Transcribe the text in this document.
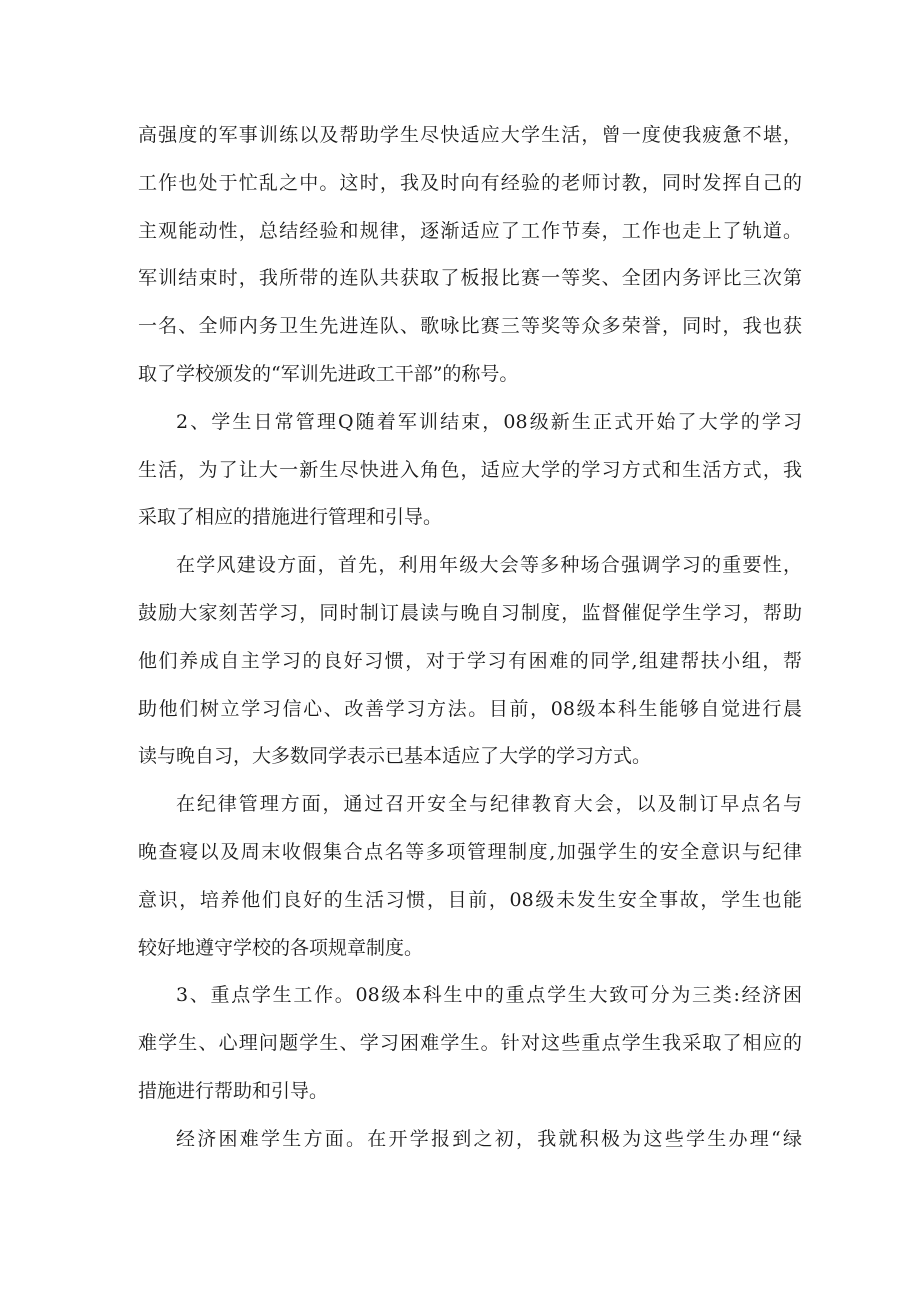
高强度的军事训练以及帮助学生尽快适应大学生活，曾一度使我疲惫不堪，
工作也处于忙乱之中。这时，我及时向有经验的老师讨教，同时发挥自己的
主观能动性，总结经验和规律，逐渐适应了工作节奏，工作也走上了轨道。
军训结束时，我所带的连队共获取了板报比赛一等奖、全团内务评比三次第
一名、全师内务卫生先进连队、歌咏比赛三等奖等众多荣誉，同时，我也获
取了学校颁发的“军训先进政工干部”的称号。
2、学生日常管理Q随着军训结束，08级新生正式开始了大学的学习
生活，为了让大一新生尽快进入角色，适应大学的学习方式和生活方式，我
采取了相应的措施进行管理和引导。
在学风建设方面，首先，利用年级大会等多种场合强调学习的重要性，
鼓励大家刻苦学习，同时制订晨读与晚自习制度，监督催促学生学习，帮助
他们养成自主学习的良好习惯，对于学习有困难的同学,组建帮扶小组，帮
助他们树立学习信心、改善学习方法。目前，08级本科生能够自觉进行晨
读与晚自习，大多数同学表示已基本适应了大学的学习方式。
在纪律管理方面，通过召开安全与纪律教育大会，以及制订早点名与
晚查寝以及周末收假集合点名等多项管理制度,加强学生的安全意识与纪律
意识，培养他们良好的生活习惯，目前，08级未发生安全事故，学生也能
较好地遵守学校的各项规章制度。
3、重点学生工作。08级本科生中的重点学生大致可分为三类:经济困
难学生、心理问题学生、学习困难学生。针对这些重点学生我采取了相应的
措施进行帮助和引导。
经济困难学生方面。在开学报到之初，我就积极为这些学生办理“绿
